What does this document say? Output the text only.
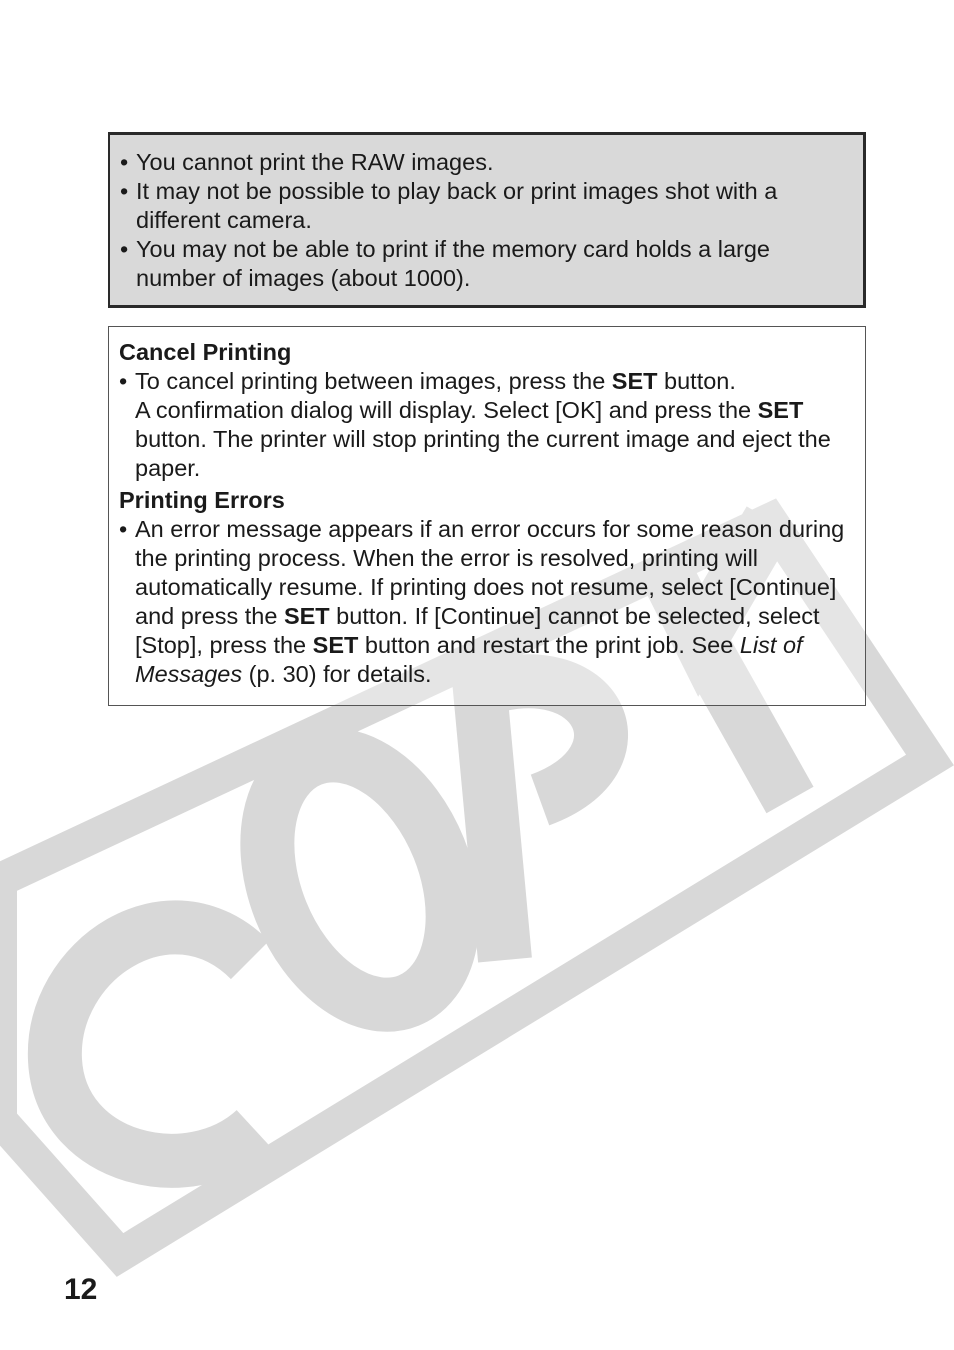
• You cannot print the RAW images.
• It may not be possible to play back or print images shot with a different camera.
• You may not be able to print if the memory card holds a large number of images (about 1000).

Cancel Printing

• To cancel printing between images, press the SET button.
A confirmation dialog will display. Select [OK] and press the SET button. The printer will stop printing the current image and eject the paper.

Printing Errors

• An error message appears if an error occurs for some reason during the printing process. When the error is resolved, printing will automatically resume. If printing does not resume, select [Continue] and press the SET button. If [Continue] cannot be selected, select [Stop], press the SET button and restart the print job. See List of Messages (p. 30) for details.
12
